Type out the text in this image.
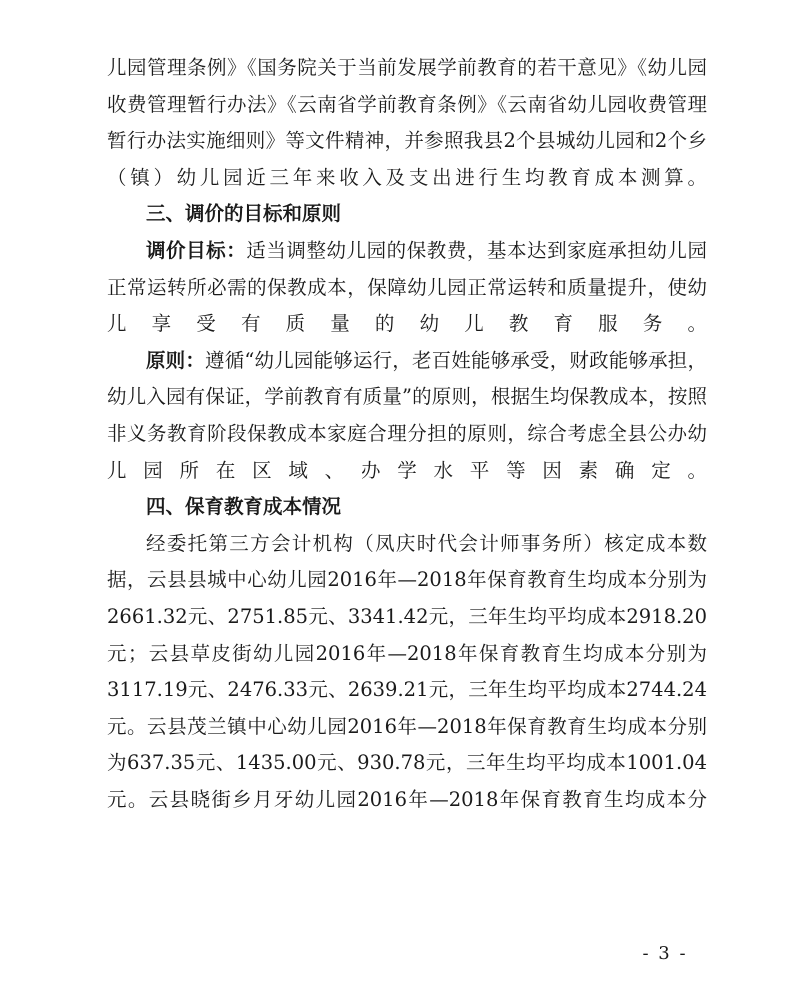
儿园管理条例》《国务院关于当前发展学前教育的若干意见》《幼儿园收费管理暂行办法》《云南省学前教育条例》《云南省幼儿园收费管理暂行办法实施细则》等文件精神，并参照我县2个县城幼儿园和2个乡（镇）幼儿园近三年来收入及支出进行生均教育成本测算。

三、调价的目标和原则

调价目标：适当调整幼儿园的保教费，基本达到家庭承担幼儿园正常运转所必需的保教成本，保障幼儿园正常运转和质量提升，使幼儿享受有质量的幼儿教育服务。

原则：遵循“幼儿园能够运行，老百姓能够承受，财政能够承担，幼儿入园有保证，学前教育有质量”的原则，根据生均保教成本，按照非义务教育阶段保教成本家庭合理分担的原则，综合考虑全县公办幼儿园所在区域、办学水平等因素确定。

四、保育教育成本情况

经委托第三方会计机构（凤庆时代会计师事务所）核定成本数据，云县县城中心幼儿园2016年—2018年保育教育生均成本分别为2661.32元、2751.85元、3341.42元，三年生均平均成本2918.20元；云县草皮街幼儿园2016年—2018年保育教育生均成本分别为3117.19元、2476.33元、2639.21元，三年生均平均成本2744.24元。云县茂兰镇中心幼儿园2016年—2018年保育教育生均成本分别为637.35元、1435.00元、930.78元，三年生均平均成本1001.04元。云县晓街乡月牙幼儿园2016年—2018年保育教育生均成本分

- 3 -
